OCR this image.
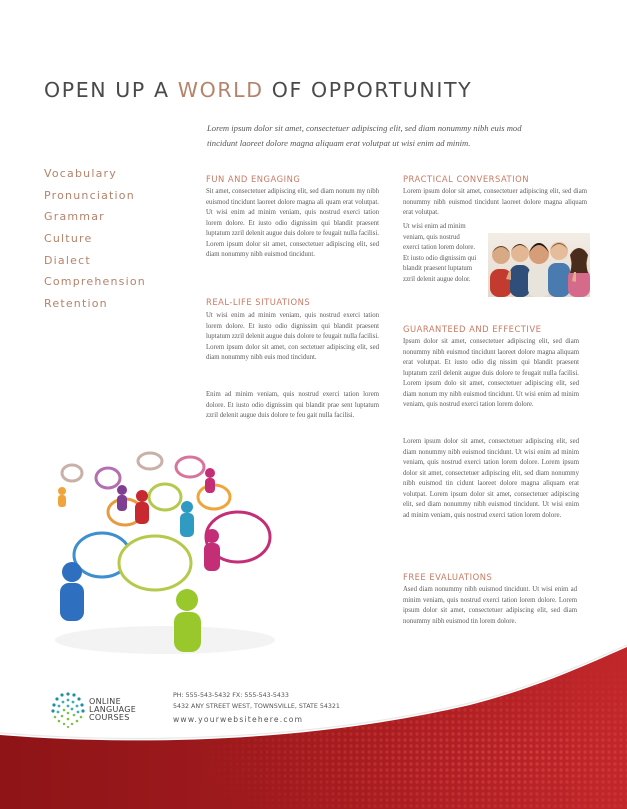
OPEN UP A WORLD OF OPPORTUNITY
Lorem ipsum dolor sit amet, consectetuer adipiscing elit, sed diam nonummy nibh euis mod tincidunt laoreet dolore magna aliquam erat volutpat ut wisi enim ad minim.
Vocabulary
Pronunciation
Grammar
Culture
Dialect
Comprehension
Retention
FUN AND ENGAGING

Sit amet, consectetuer adipiscing elit, sed diam nonum my nibh euismod tincidunt laoreet dolore magna ali quam erat volutpat. Ut wisi enim ad minim veniam, quis nostrud exerci tation lorem dolore. Et iusto odio dignissim qui blandit praesent luptatum zzril delenit augue duis dolore te feugait nulla facilisi. Lorem ipsum dolor sit amet, consectetuer adipiscing elit, sed diam nonummy nibh euismod tincidunt.

REAL-LIFE SITUATIONS

Ut wisi enim ad minim veniam, quis nostrud exerci tation lorem dolore. Et iusto odio dignissim qui blandit praesent luptatum zzril delenit augue duis dolore te feugait nulla facilisi. Lorem ipsum dolor sit amet, con sectetuer adipiscing elit, sed diam nonummy nibh euis mod tincidunt.

Enim ad minim veniam, quis nostrud exerci tation lorem dolore. Et iusto odio dignissim qui blandit prae sent luptatum zzril delenit augue duis dolore te feu gait nulla facilisi.

PRACTICAL CONVERSATION

Lorem ipsum dolor sit amet, consectetuer adipiscing elit, sed diam nonummy nibh euismod tincidunt laoreet dolore magna aliquam erat volutpat.

Ut wisi enim ad minim veniam, quis nostrud exerci tation lorem dolore. Et iusto odio dignissim qui blandit praesent luptatum zzril delenit augue dolor.

GUARANTEED AND EFFECTIVE

Ipsum dolor sit amet, consectetuer adipiscing elit, sed diam nonummy nibh euismod tincidunt laoreet dolore magna aliquam erat volutpat. Et iusto odio dig nissim qui blandit praesent luptatum zzril delenit augue duis dolore te feugait nulla facilisi. Lorem ipsum dolo sit amet, consectetuer adipiscing elit, sed diam nonum my nibh euismod tincidunt. Ut wisi enim ad minim veniam, quis nostrud exerci tation lorem dolore.

Lorem ipsum dolor sit amet, consectetuer adipiscing elit, sed diam nonummy nibh euismod tincidunt. Ut wisi enim ad minim veniam, quis nostrud exerci tation lorem dolore. Lorem ipsum dolor sit amet, consectetuer adipiscing elit, sed diam nonummy nibh euismod tin cidunt laoreet dolore magna aliquam erat volutpat. Lorem ipsum dolor sit amet, consectetuer adipiscing elit, sed diam nonummy nibh euismod tincidunt. Ut wisi enim ad minim veniam, quis nostrud exerci tation lorem dolore.

FREE EVALUATIONS

Ased diam nonummy nibh euismod tincidunt. Ut wisi enim ad minim veniam, quis nostrud exerci tation lorem dolore. Lorem ipsum dolor sit amet, consectetuer adipiscing elit, sed diam nonummy nibh euismod tin lorem dolore.

ONLINE
LANGUAGE
COURSES
PH: 555-543-5432 FX: 555-543-5433
5432 ANY STREET WEST, TOWNSVILLE, STATE 54321
www.yourwebsitehere.com
